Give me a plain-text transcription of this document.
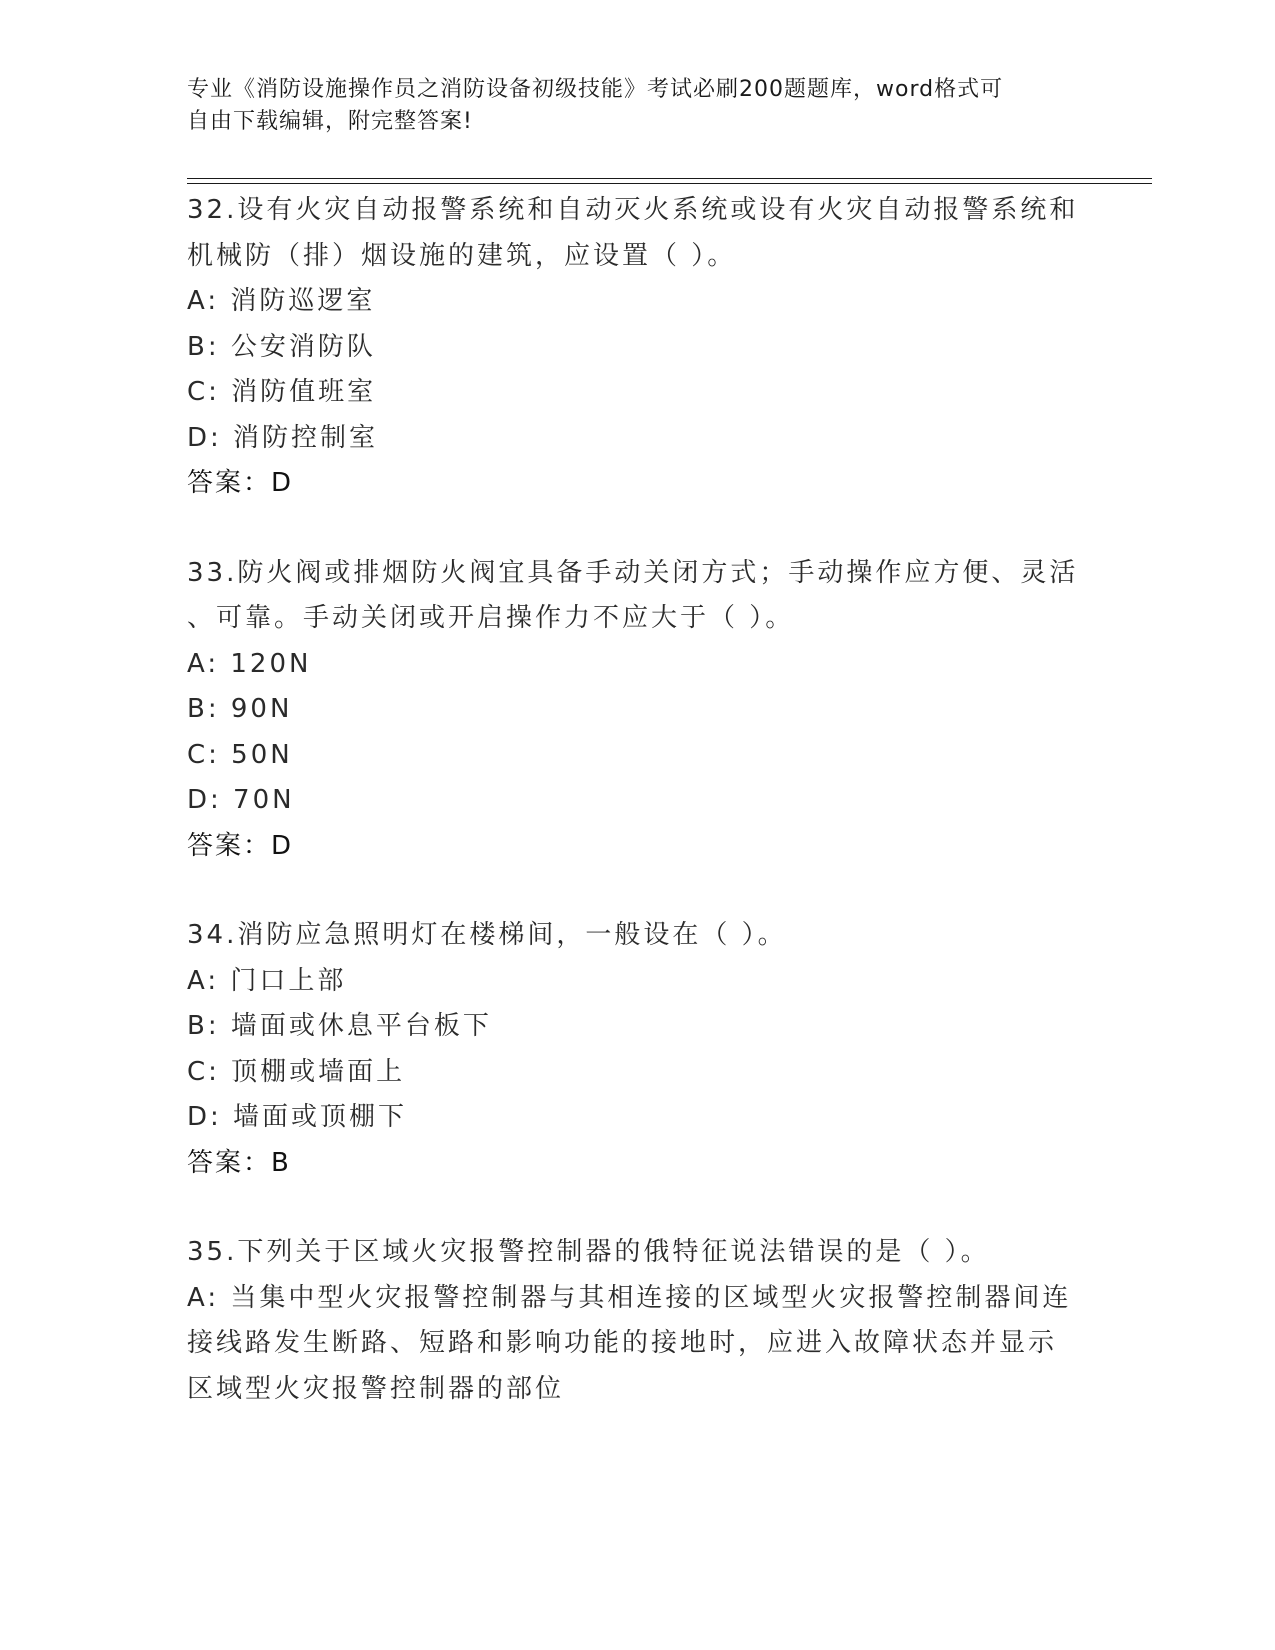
专业《消防设施操作员之消防设备初级技能》考试必刷200题题库，word格式可
自由下载编辑，附完整答案!
32.设有火灾自动报警系统和自动灭火系统或设有火灾自动报警系统和
机械防（排）烟设施的建筑，应设置（ ）。
A: 消防巡逻室
B: 公安消防队
C: 消防值班室
D: 消防控制室
答案：D
33.防火阀或排烟防火阀宜具备手动关闭方式；手动操作应方便、灵活
、可靠。手动关闭或开启操作力不应大于（ ）。
A: 120N
B: 90N
C: 50N
D: 70N
答案：D
34.消防应急照明灯在楼梯间，一般设在（ ）。
A: 门口上部
B: 墙面或休息平台板下
C: 顶棚或墙面上
D: 墙面或顶棚下
答案：B
35.下列关于区域火灾报警控制器的俄特征说法错误的是（ ）。
A: 当集中型火灾报警控制器与其相连接的区域型火灾报警控制器间连
接线路发生断路、短路和影响功能的接地时，应进入故障状态并显示
区域型火灾报警控制器的部位
